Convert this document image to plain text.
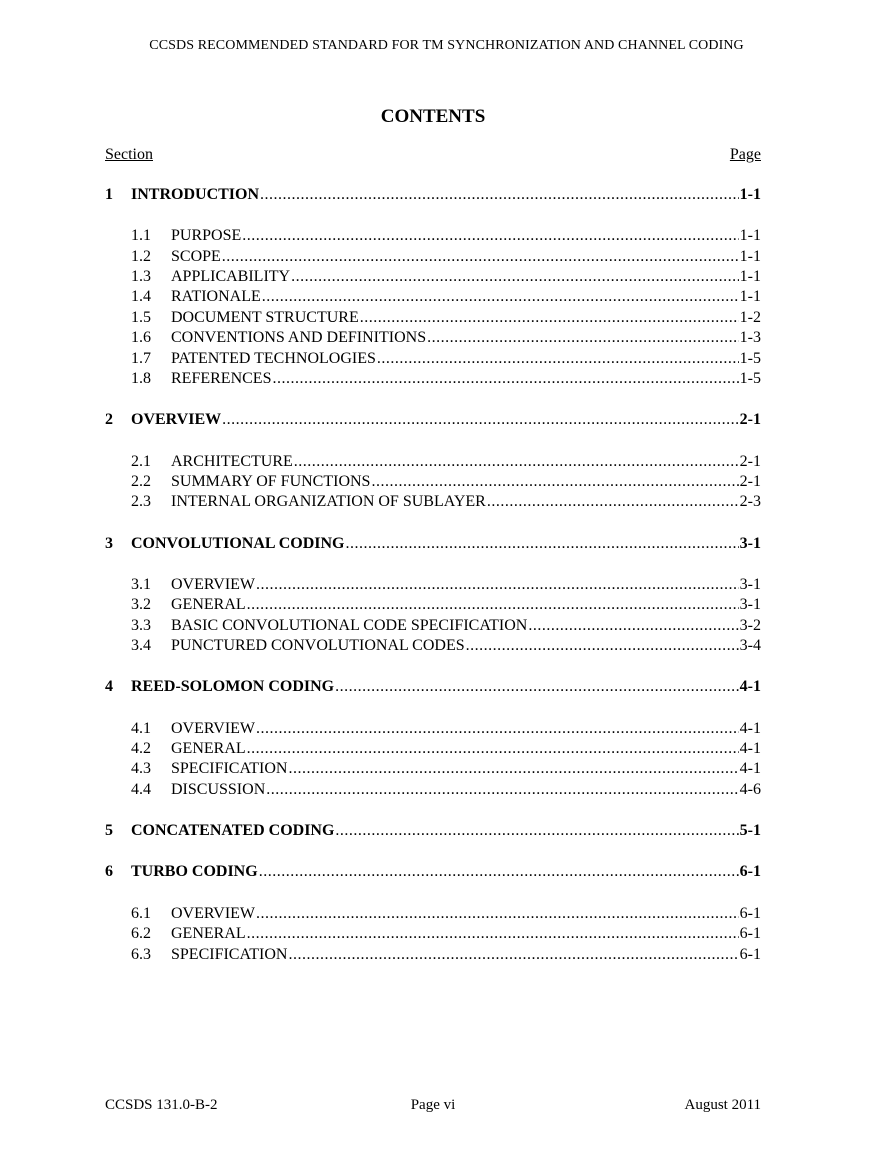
CCSDS RECOMMENDED STANDARD FOR TM SYNCHRONIZATION AND CHANNEL CODING
CONTENTS
Section	Page
1	INTRODUCTION .....	1-1
1.1	PURPOSE .....	1-1
1.2	SCOPE .....	1-1
1.3	APPLICABILITY .....	1-1
1.4	RATIONALE .....	1-1
1.5	DOCUMENT STRUCTURE .....	1-2
1.6	CONVENTIONS AND DEFINITIONS .....	1-3
1.7	PATENTED TECHNOLOGIES .....	1-5
1.8	REFERENCES .....	1-5
2	OVERVIEW .....	2-1
2.1	ARCHITECTURE .....	2-1
2.2	SUMMARY OF FUNCTIONS .....	2-1
2.3	INTERNAL ORGANIZATION OF SUBLAYER .....	2-3
3	CONVOLUTIONAL CODING .....	3-1
3.1	OVERVIEW .....	3-1
3.2	GENERAL .....	3-1
3.3	BASIC CONVOLUTIONAL CODE SPECIFICATION .....	3-2
3.4	PUNCTURED CONVOLUTIONAL CODES .....	3-4
4	REED-SOLOMON CODING .....	4-1
4.1	OVERVIEW .....	4-1
4.2	GENERAL .....	4-1
4.3	SPECIFICATION .....	4-1
4.4	DISCUSSION .....	4-6
5	CONCATENATED CODING .....	5-1
6	TURBO CODING .....	6-1
6.1	OVERVIEW .....	6-1
6.2	GENERAL .....	6-1
6.3	SPECIFICATION .....	6-1
CCSDS 131.0-B-2	Page vi	August 2011
